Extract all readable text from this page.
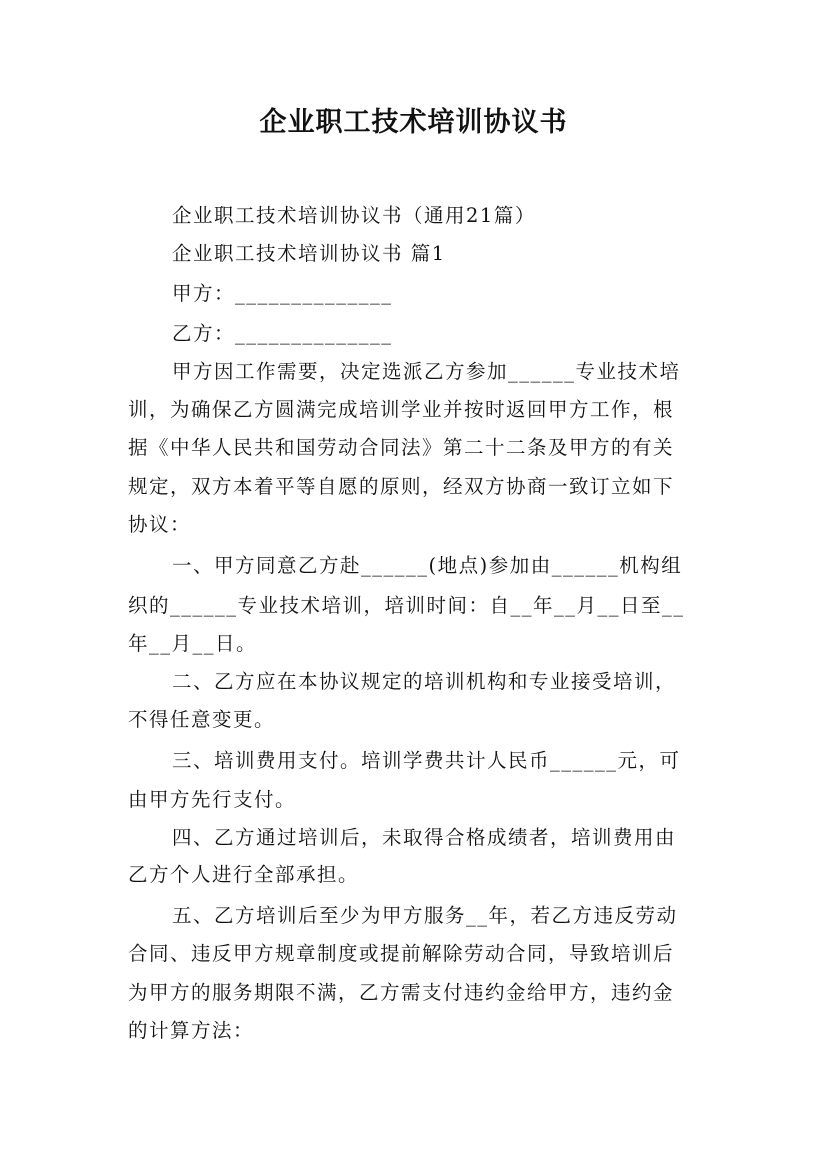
企业职工技术培训协议书
企业职工技术培训协议书（通用21篇）
企业职工技术培训协议书 篇1
甲方：______________
乙方：______________
甲方因工作需要，决定选派乙方参加______专业技术培
训，为确保乙方圆满完成培训学业并按时返回甲方工作，根
据《中华人民共和国劳动合同法》第二十二条及甲方的有关
规定，双方本着平等自愿的原则，经双方协商一致订立如下
协议：
一、甲方同意乙方赴______(地点)参加由______机构组
织的______专业技术培训，培训时间：自__年__月__日至__
年__月__日。
二、乙方应在本协议规定的培训机构和专业接受培训，
不得任意变更。
三、培训费用支付。培训学费共计人民币______元，可
由甲方先行支付。
四、乙方通过培训后，未取得合格成绩者，培训费用由
乙方个人进行全部承担。
五、乙方培训后至少为甲方服务__年，若乙方违反劳动
合同、违反甲方规章制度或提前解除劳动合同，导致培训后
为甲方的服务期限不满，乙方需支付违约金给甲方，违约金
的计算方法：
